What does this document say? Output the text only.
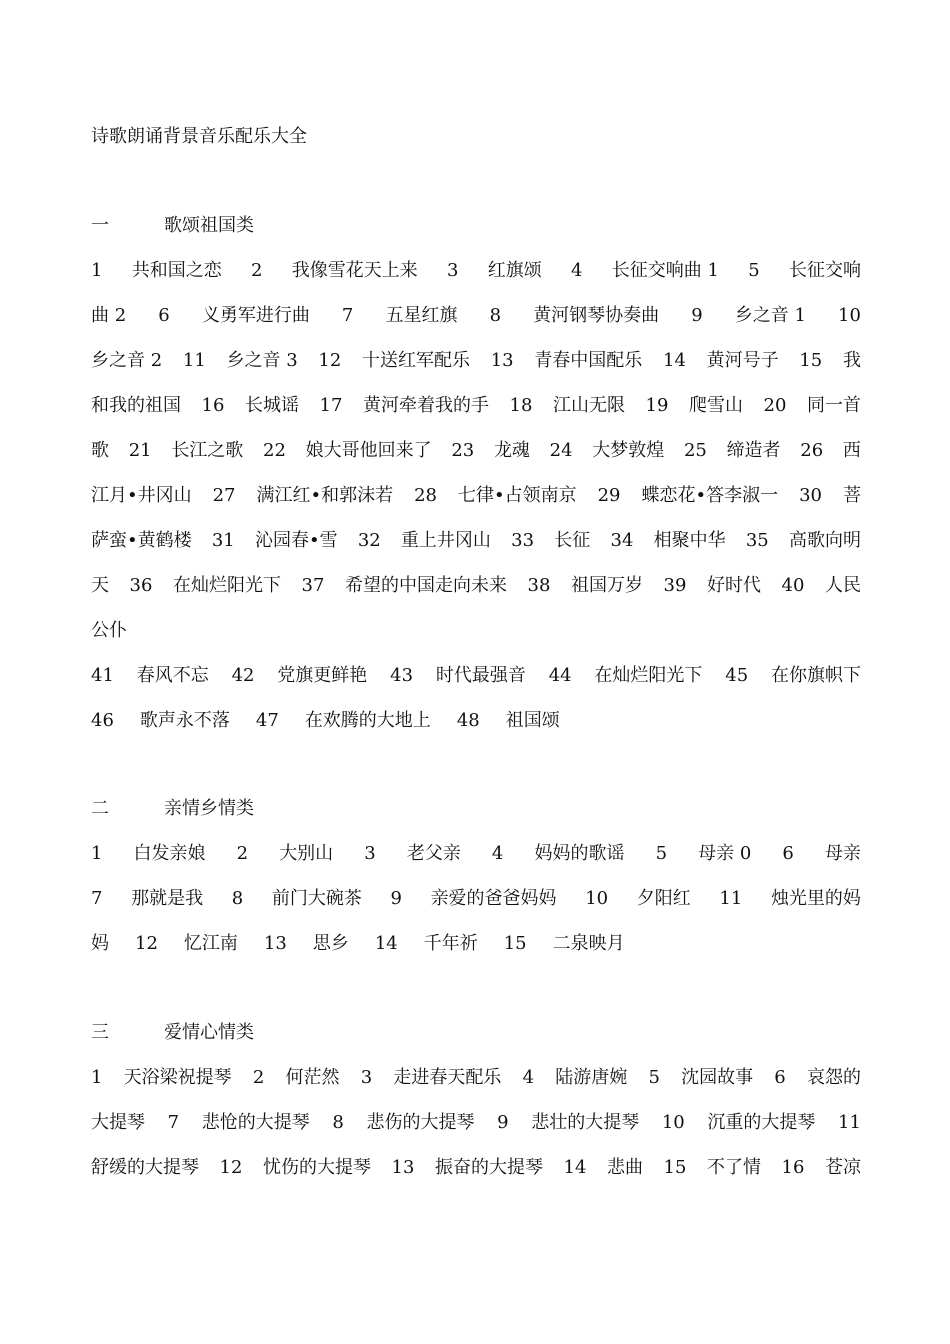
诗歌朗诵背景音乐配乐大全
一	歌颂祖国类
1 共和国之恋 2 我像雪花天上来 3 红旗颂 4 长征交响曲 1 5 长征交响
曲 2 6 义勇军进行曲 7 五星红旗 8 黄河钢琴协奏曲 9 乡之音 1 10
乡之音 2 11 乡之音 3 12 十送红军配乐 13 青春中国配乐 14 黄河号子 15 我
和我的祖国 16 长城谣 17 黄河牵着我的手 18 江山无限 19 爬雪山 20 同一首
歌 21 长江之歌 22 娘大哥他回来了 23 龙魂 24 大梦敦煌 25 缔造者 26 西
江月•井冈山 27 满江红•和郭沫若 28 七律•占领南京 29 蝶恋花•答李淑一 30 菩
萨蛮•黄鹤楼 31 沁园春•雪 32 重上井冈山 33 长征 34 相聚中华 35 高歌向明
天 36 在灿烂阳光下 37 希望的中国走向未来 38 祖国万岁 39 好时代 40 人民
公仆
41 春风不忘 42 党旗更鲜艳 43 时代最强音 44 在灿烂阳光下 45 在你旗帜下
46 歌声永不落 47 在欢腾的大地上 48 祖国颂
二	亲情乡情类
1 白发亲娘 2 大别山 3 老父亲 4 妈妈的歌谣 5 母亲 0 6 母亲
7 那就是我 8 前门大碗茶 9 亲爱的爸爸妈妈 10 夕阳红 11 烛光里的妈
妈 12 忆江南 13 思乡 14 千年祈 15 二泉映月
三	爱情心情类
1 天浴梁祝提琴 2 何茫然 3 走进春天配乐 4 陆游唐婉 5 沈园故事 6 哀怨的
大提琴 7 悲怆的大提琴 8 悲伤的大提琴 9 悲壮的大提琴 10 沉重的大提琴 11
舒缓的大提琴 12 忧伤的大提琴 13 振奋的大提琴 14 悲曲 15 不了情 16 苍凉
